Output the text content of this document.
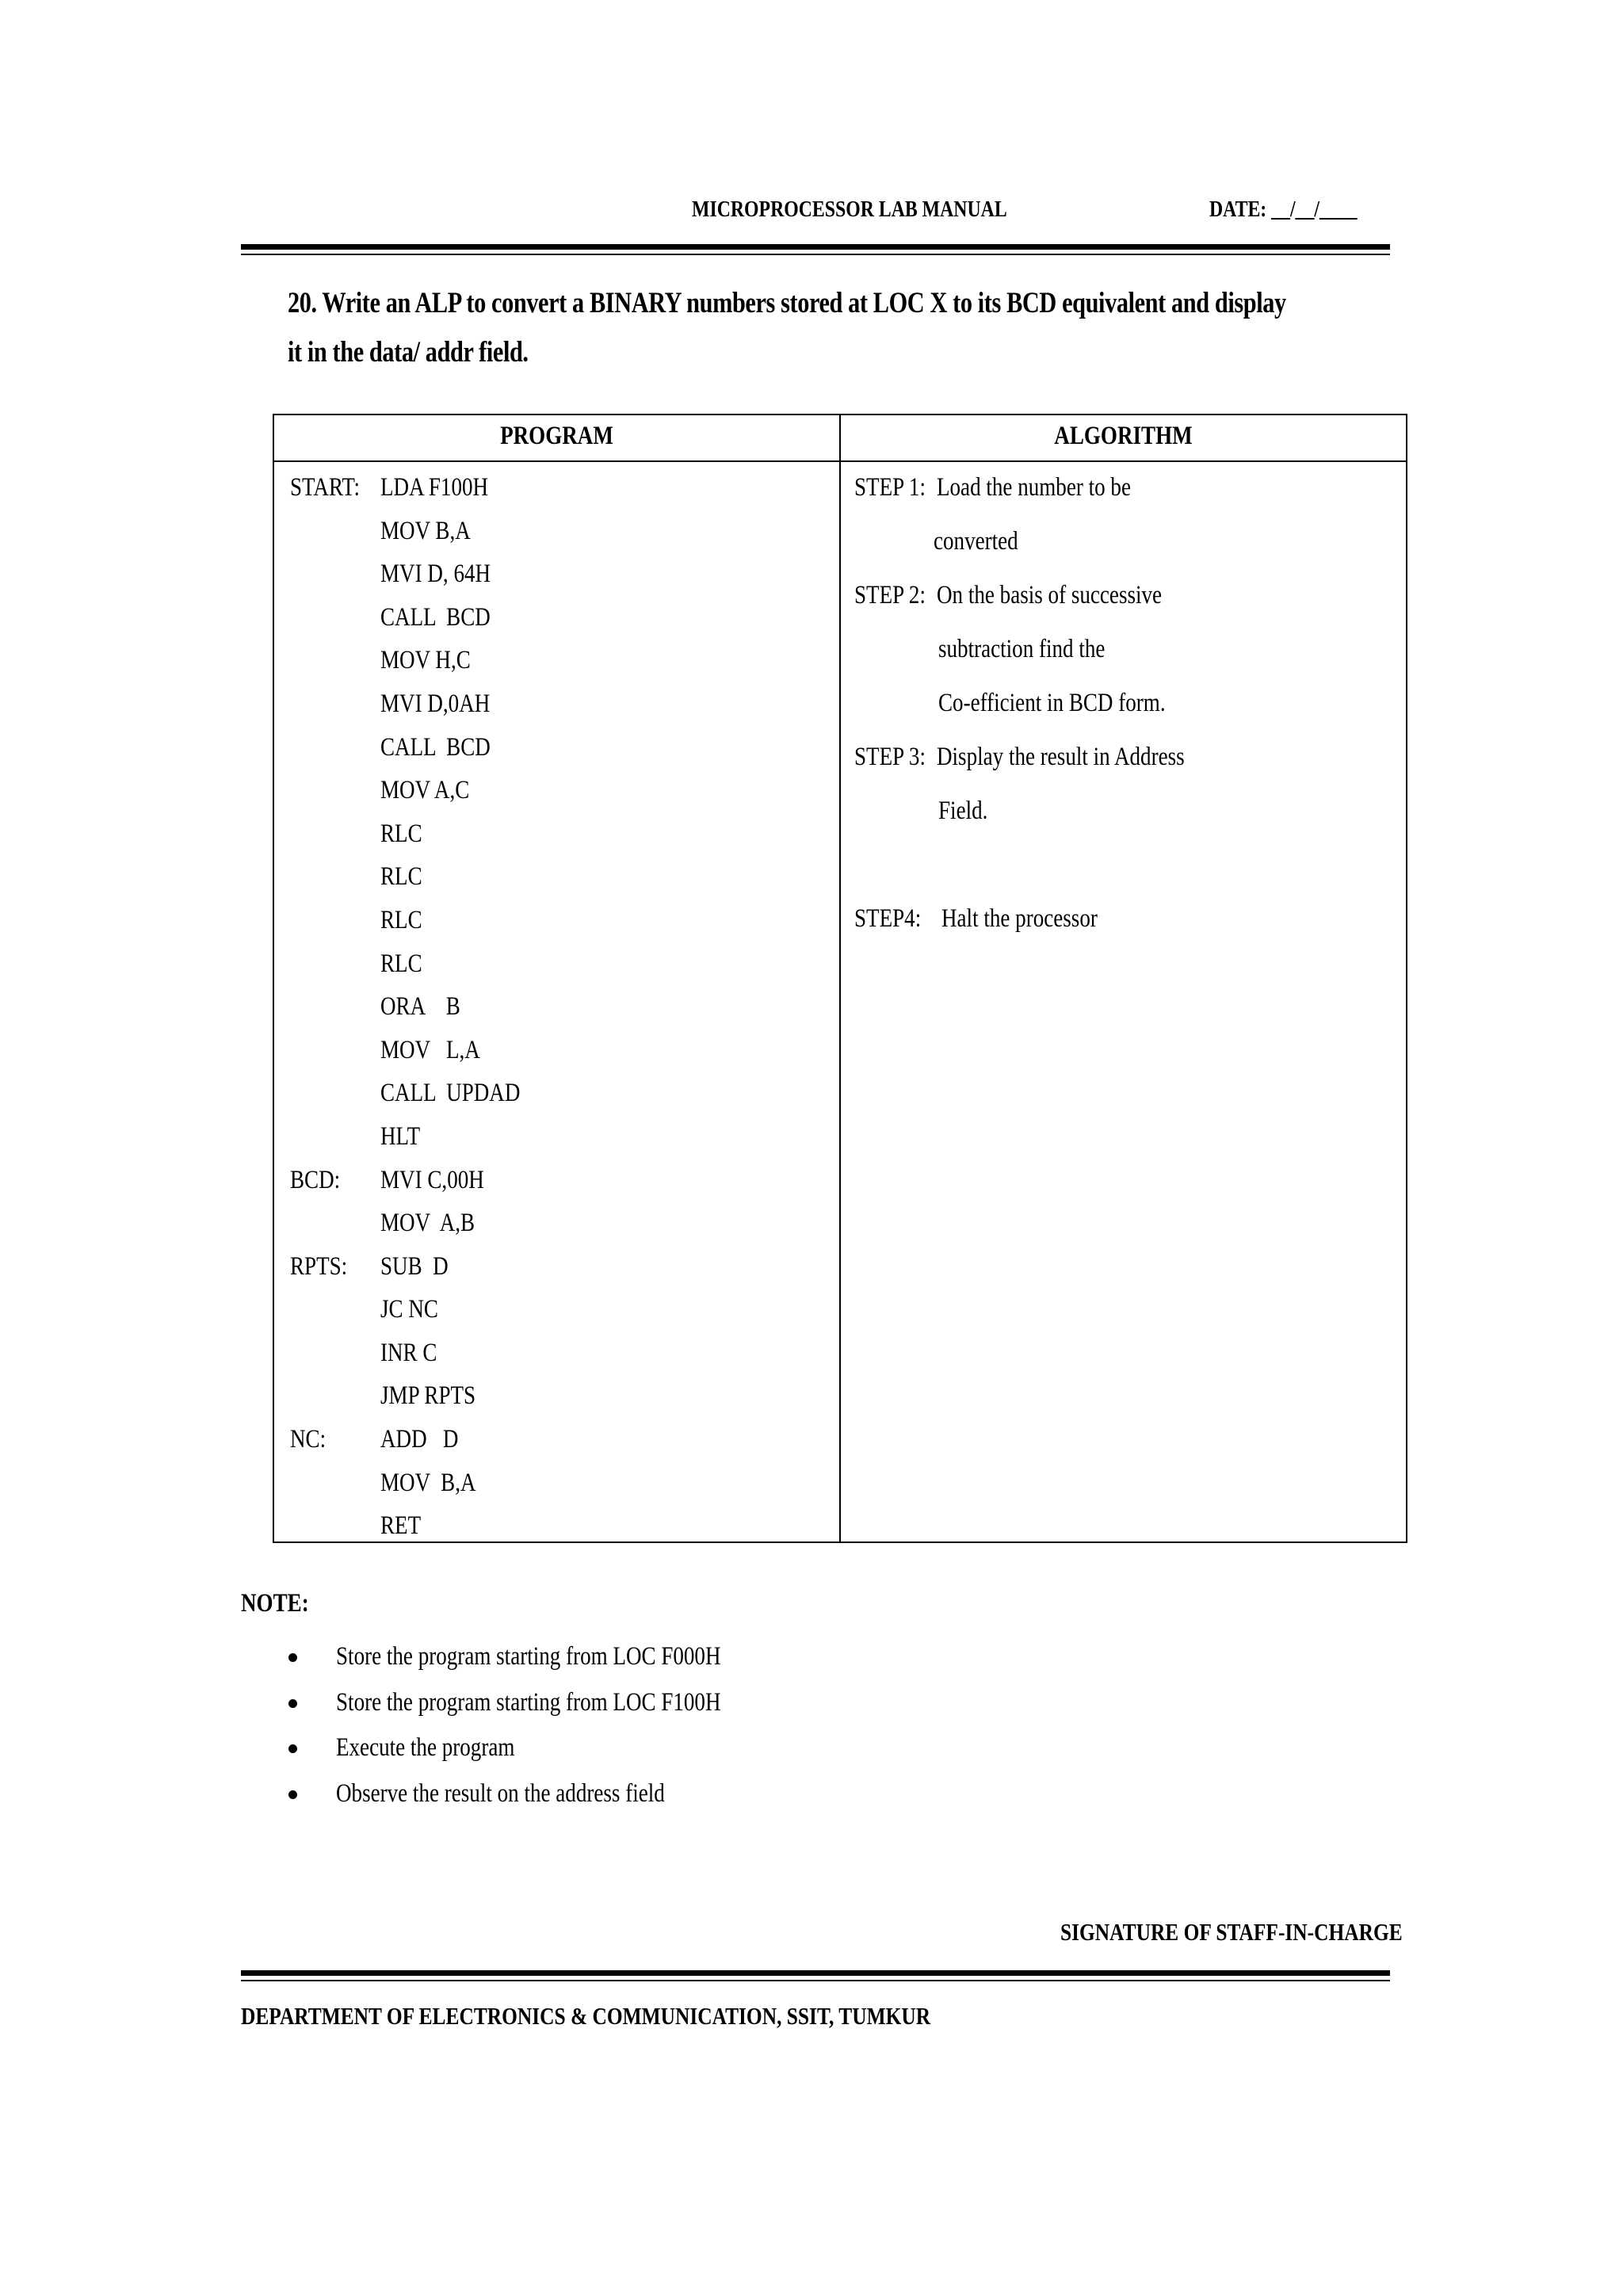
MICROPROCESSOR LAB MANUAL	DATE: __/__/____
20. Write an ALP to convert a BINARY numbers stored at LOC X to its BCD equivalent and display it in the data/ addr field.
PROGRAM	ALGORITHM
START: LDA F100H
MOV B,A
MVI D, 64H
CALL  BCD
MOV H,C
MVI D,0AH
CALL  BCD
MOV A,C
RLC
RLC
RLC
RLC
ORA    B
MOV   L,A
CALL  UPDAD
HLT
BCD: MVI C,00H
MOV  A,B
RPTS: SUB  D
JC NC
INR C
JMP RPTS
NC: ADD   D
MOV  B,A
RET
STEP 1: Load the number to be
converted
STEP 2: On the basis of successive
subtraction find the
Co-efficient in BCD form.
STEP 3: Display the result in Address
Field.
STEP4: Halt the processor
NOTE:
Store the program starting from LOC F000H
Store the program starting from LOC F100H
Execute the program
Observe the result on the address field
SIGNATURE OF STAFF-IN-CHARGE
DEPARTMENT OF ELECTRONICS & COMMUNICATION, SSIT, TUMKUR
